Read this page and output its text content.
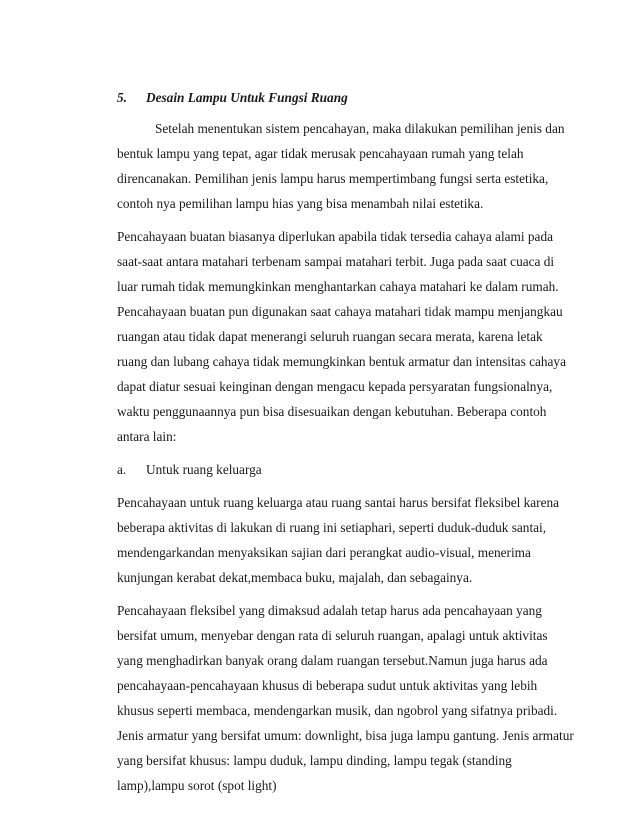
5. Desain Lampu Untuk Fungsi Ruang
Setelah menentukan sistem pencahayan, maka dilakukan pemilihan jenis dan
bentuk lampu yang tepat, agar tidak merusak pencahayaan rumah yang telah
direncanakan. Pemilihan jenis lampu harus mempertimbang fungsi serta estetika,
contoh nya pemilihan lampu hias yang bisa menambah nilai estetika.
Pencahayaan buatan biasanya diperlukan apabila tidak tersedia cahaya alami pada
saat-saat antara matahari terbenam sampai matahari terbit. Juga pada saat cuaca di
luar rumah tidak memungkinkan menghantarkan cahaya matahari ke dalam rumah.
Pencahayaan buatan pun digunakan saat cahaya matahari tidak mampu menjangkau
ruangan atau tidak dapat menerangi seluruh ruangan secara merata, karena letak
ruang dan lubang cahaya tidak memungkinkan bentuk armatur dan intensitas cahaya
dapat diatur sesuai keinginan dengan mengacu kepada persyaratan fungsionalnya,
waktu penggunaannya pun bisa disesuaikan dengan kebutuhan. Beberapa contoh
antara lain:
a. Untuk ruang keluarga
Pencahayaan untuk ruang keluarga atau ruang santai harus bersifat fleksibel karena
beberapa aktivitas di lakukan di ruang ini setiaphari, seperti duduk-duduk santai,
mendengarkandan menyaksikan sajian dari perangkat audio-visual, menerima
kunjungan kerabat dekat,membaca buku, majalah, dan sebagainya.
Pencahayaan fleksibel yang dimaksud adalah tetap harus ada pencahayaan yang
bersifat umum, menyebar dengan rata di seluruh ruangan, apalagi untuk aktivitas
yang menghadirkan banyak orang dalam ruangan tersebut.Namun juga harus ada
pencahayaan-pencahayaan khusus di beberapa sudut untuk aktivitas yang lebih
khusus seperti membaca, mendengarkan musik, dan ngobrol yang sifatnya pribadi.
Jenis armatur yang bersifat umum: downlight, bisa juga lampu gantung. Jenis armatur
yang bersifat khusus: lampu duduk, lampu dinding, lampu tegak (standing
lamp),lampu sorot (spot light)
